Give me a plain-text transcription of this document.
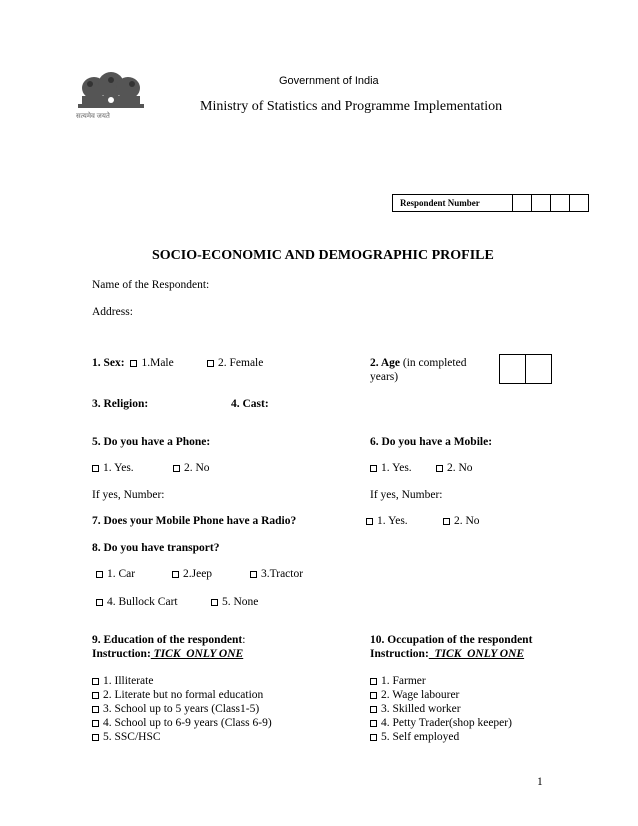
सत्यमेव जयते
Government of India
Ministry of Statistics and Programme Implementation
Respondent Number				
SOCIO-ECONOMIC AND DEMOGRAPHIC PROFILE
Name of the Respondent:
Address:
1. Sex: 1.Male	2. Female	2. Age (in completed
years)

3. Religion:	4. Cast:
5. Do you have a Phone:
1. Yes.	2. No
If yes, Number:
6. Do you have a Mobile:
1. Yes.	2. No
If yes, Number:
7. Does your Mobile Phone have a Radio?	1. Yes.	2. No
8. Do you have transport?
1. Car	2.Jeep	3.Tractor
4. Bullock Cart	5. None
9. Education of the respondent:
Instruction: TICK  ONLY ONE
1. Illiterate
2. Literate but no formal education
3. School up to 5 years (Class1-5)
4. School up to 6-9 years (Class 6-9)
5. SSC/HSC
10. Occupation of the respondent
Instruction:  TICK  ONLY ONE
1. Farmer
2. Wage labourer
3. Skilled worker
4. Petty Trader(shop keeper)
5. Self employed
1
